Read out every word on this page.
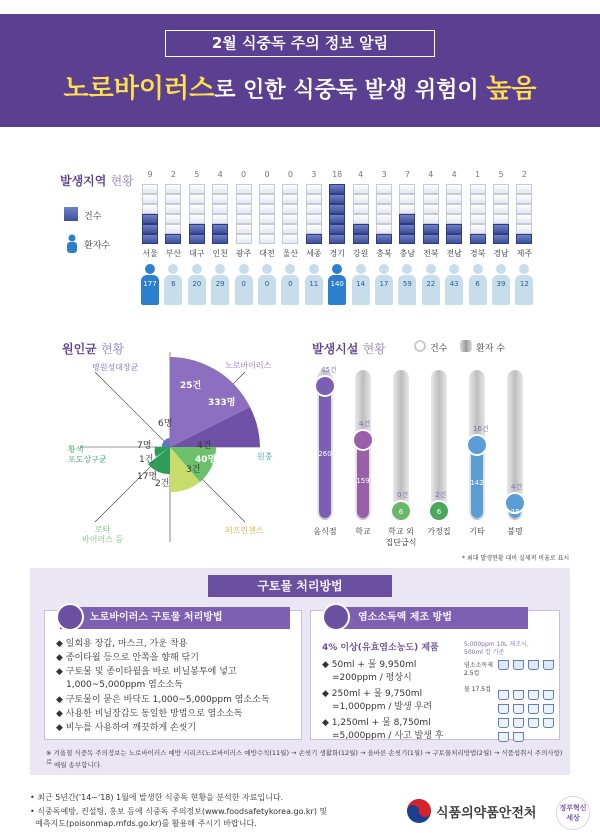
2월 식중독 주의 정보 알림
노로바이러스로 인한 식중독 발생 위험이 높음
발생지역 현황
건수
환자수
9
서울
177
2
부산
6
5
대구
20
4
인천
29
0
광주
0
0
대전
0
0
울산
0
3
세종
11
18
경기
140
4
강원
14
3
충북
17
7
충남
59
4
전북
22
4
전남
43
1
경북
6
5
경남
39
2
제주
12
원인균 현황
노로바이러스
병원성대장균
황색
포도상구균
로타
바이러스 등
퍼프린젠스
원충
25건
333명
6명
7명
1건
17명
2건
4건
40명
3건
발생시설 현황	건수	환자 수
45건
260
음식점
4건
159
학교
0건
6
학교 외
집단급식
2건
6
가정집
16건
142
기타
4건
28
불명
* 최대 발생현황 대비 실제적 비율로 표시
구토물 처리방법
노로바이러스 구토물 처리방법
◆ 일회용 장갑, 마스크, 가운 착용
◆ 종이타월 등으로 안쪽을 향해 닦기
◆ 구토물 및 종이타월을 바로 비닐봉투에 넣고
1,000~5,000ppm 염소소독
◆ 구토물이 묻은 바닥도 1,000~5,000ppm 염소소독
◆ 사용한 비닐장갑도 동일한 방법으로 염소소독
◆ 비누를 사용하여 깨끗하게 손씻기
염소소독액 제조 방법
4% 이상(유효염소농도) 제품
◆ 50ml + 물 9,950ml
=200ppm / 평상시
◆ 250ml + 물 9,750ml
=1,000ppm / 발생 우려
◆ 1,250ml + 물 8,750ml
=5,000ppm / 사고 발생 후
5,000ppm 10L 제조시,
500ml 컵 기준
염소소독제
2.5컵
물 17.5컵
※ 겨울철 식중독 주의정보는 노로바이러스 예방 시리즈(노로바이러스 예방수칙(11월) → 손씻기 생활화(12월) → 올바른 손씻기(1월) → 구토물처리방법(2월) → 식품섭취시 주의사항)로 매월 송부합니다.
• 최근 5년간('14~'18) 1월에 발생한 식중독 현황을 분석한 자료입니다.
• 식중독예방, 컨설팅, 홍보 등에 식중독 주의정보(www.foodsafetykorea.go.kr) 및
예측지도(poisonmap.mfds.go.kr)를 활용해 주시기 바랍니다.
식품의약품안전처	정부혁신 세상
